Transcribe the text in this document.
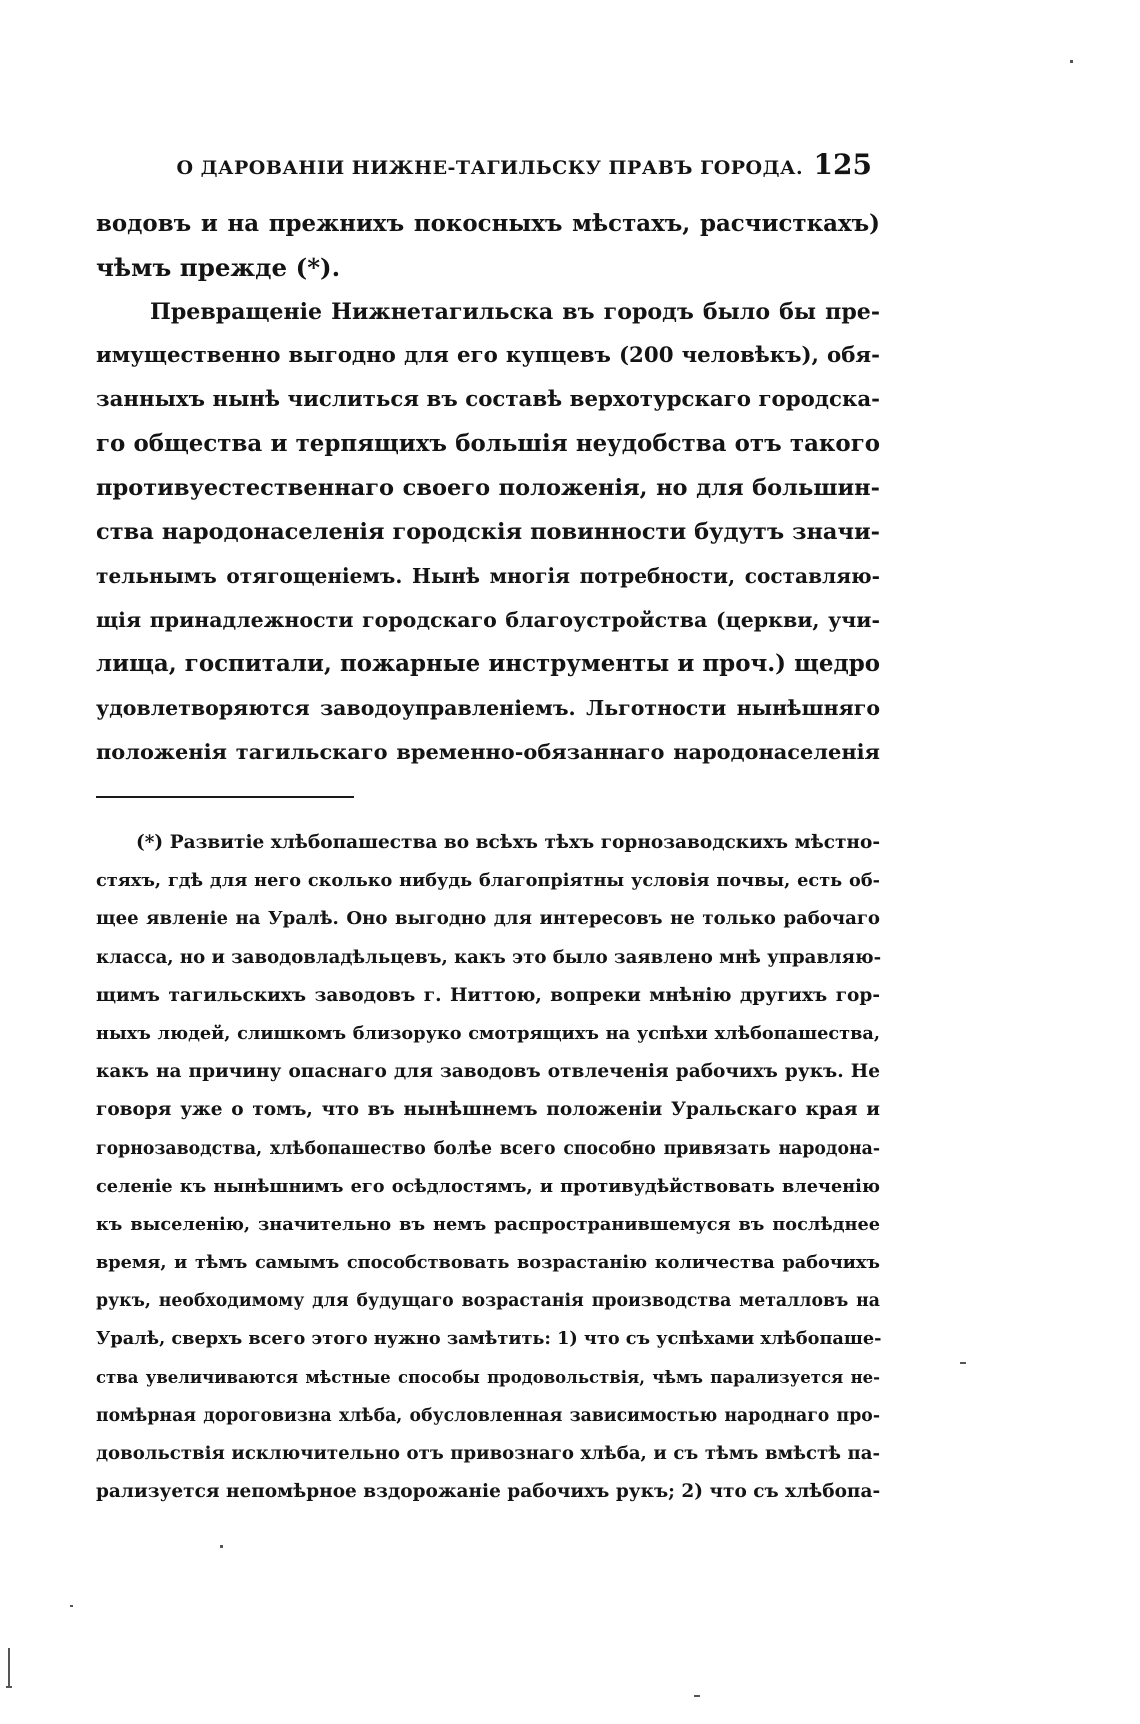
О ДАРОВАНІИ НИЖНЕ-ТАГИЛЬСКУ ПРАВЪ ГОРОДА. 125
водовъ и на прежнихъ покосныхъ мѣстахъ, расчисткахъ)
чѣмъ прежде (*).
Превращеніе Нижнетагильска въ городъ было бы пре-
имущественно выгодно для его купцевъ (200 человѣкъ), обя-
занныхъ нынѣ числиться въ составѣ верхотурскаго городска-
го общества и терпящихъ большія неудобства отъ такого
противуестественнаго своего положенія, но для большин-
ства народонаселенія городскія повинности будутъ значи-
тельнымъ отягощеніемъ. Нынѣ многія потребности, составляю-
щія принадлежности городскаго благоустройства (церкви, учи-
лища, госпитали, пожарные инструменты и проч.) щедро
удовлетворяются заводоуправленіемъ. Льготности нынѣшняго
положенія тагильскаго временно-обязаннаго народонаселенія
(*) Развитіе хлѣбопашества во всѣхъ тѣхъ горнозаводскихъ мѣстно-
стяхъ, гдѣ для него сколько нибудь благопріятны условія почвы, есть об-
щее явленіе на Уралѣ. Оно выгодно для интересовъ не только рабочаго
класса, но и заводовладѣльцевъ, какъ это было заявлено мнѣ управляю-
щимъ тагильскихъ заводовъ г. Ниттою, вопреки мнѣнію другихъ гор-
ныхъ людей, слишкомъ близоруко смотрящихъ на успѣхи хлѣбопашества,
какъ на причину опаснаго для заводовъ отвлеченія рабочихъ рукъ. Не
говоря уже о томъ, что въ нынѣшнемъ положеніи Уральскаго края и
горнозаводства, хлѣбопашество болѣе всего способно привязать народона-
селеніе къ нынѣшнимъ его осѣдлостямъ, и противудѣйствовать влеченію
къ выселенію, значительно въ немъ распространившемуся въ послѣднее
время, и тѣмъ самымъ способствовать возрастанію количества рабочихъ
рукъ, необходимому для будущаго возрастанія производства металловъ на
Уралѣ, сверхъ всего этого нужно замѣтить: 1) что съ успѣхами хлѣбопаше-
ства увеличиваются мѣстные способы продовольствія, чѣмъ парализуется не-
помѣрная дороговизна хлѣба, обусловленная зависимостью народнаго про-
довольствія исключительно отъ привознаго хлѣба, и съ тѣмъ вмѣстѣ па-
рализуется непомѣрное вздорожаніе рабочихъ рукъ; 2) что съ хлѣбопа-
